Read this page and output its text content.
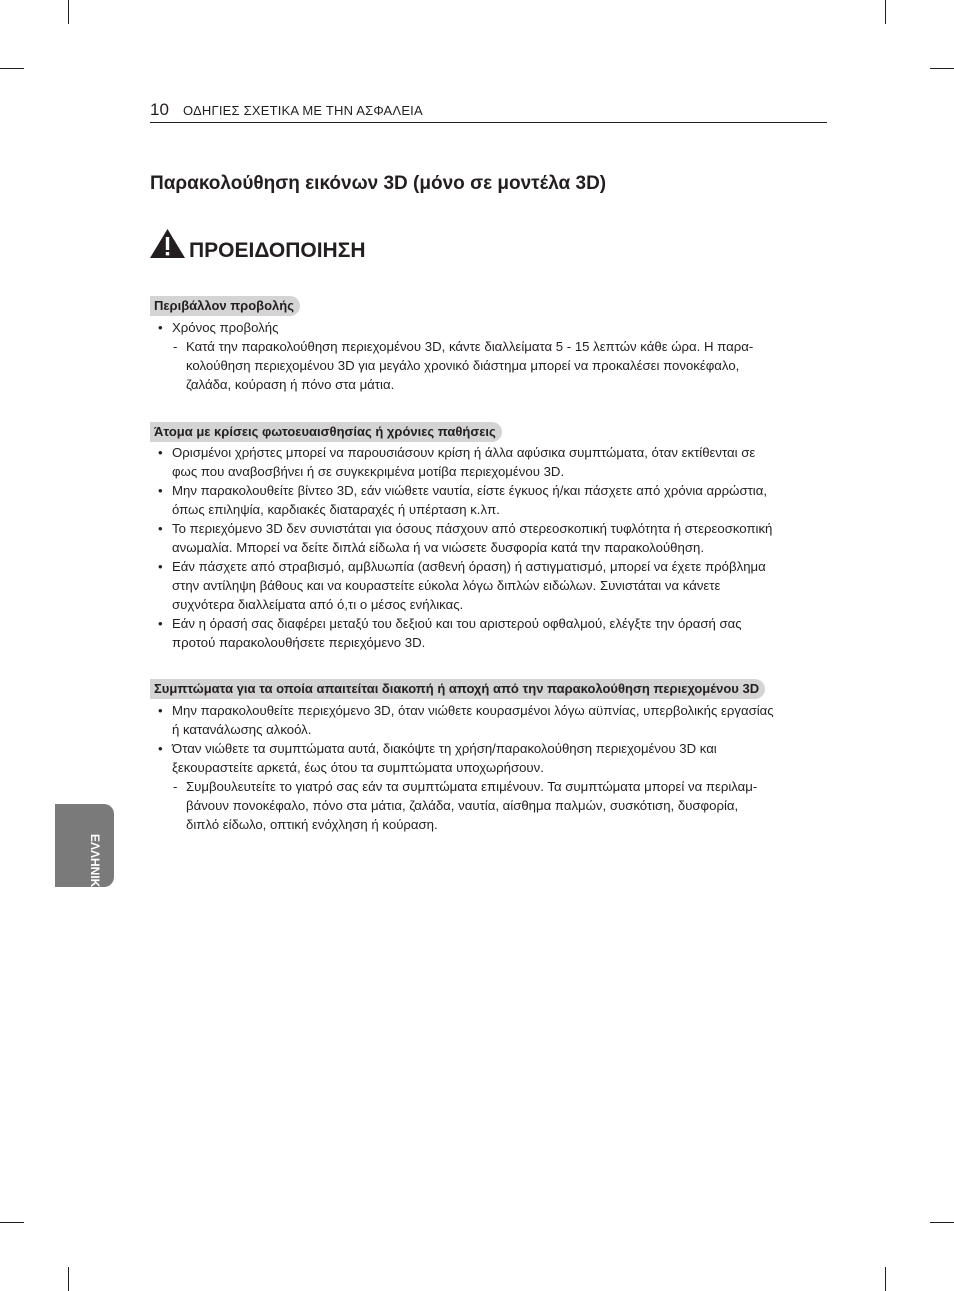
10 ΟΔΗΓΙΕΣ ΣΧΕΤΙΚΑ ΜΕ ΤΗΝ ΑΣΦΑΛΕΙΑ
Παρακολούθηση εικόνων 3D (μόνο σε μοντέλα 3D)
ΠΡΟΕΙΔΟΠΟΙΗΣΗ
Περιβάλλον προβολής
• Χρόνος προβολής
- Κατά την παρακολούθηση περιεχομένου 3D, κάντε διαλλείματα 5 - 15 λεπτών κάθε ώρα. Η παρα-
κολούθηση περιεχομένου 3D για μεγάλο χρονικό διάστημα μπορεί να προκαλέσει πονοκέφαλο,
ζαλάδα, κούραση ή πόνο στα μάτια.
Άτομα με κρίσεις φωτοευαισθησίας ή χρόνιες παθήσεις
• Ορισμένοι χρήστες μπορεί να παρουσιάσουν κρίση ή άλλα αφύσικα συμπτώματα, όταν εκτίθενται σε
φως που αναβοσβήνει ή σε συγκεκριμένα μοτίβα περιεχομένου 3D.
• Μην παρακολουθείτε βίντεο 3D, εάν νιώθετε ναυτία, είστε έγκυος ή/και πάσχετε από χρόνια αρρώστια,
όπως επιληψία, καρδιακές διαταραχές ή υπέρταση κ.λπ.
• Το περιεχόμενο 3D δεν συνιστάται για όσους πάσχουν από στερεοσκοπική τυφλότητα ή στερεοσκοπική
ανωμαλία. Μπορεί να δείτε διπλά είδωλα ή να νιώσετε δυσφορία κατά την παρακολούθηση.
• Εάν πάσχετε από στραβισμό, αμβλυωπία (ασθενή όραση) ή αστιγματισμό, μπορεί να έχετε πρόβλημα
στην αντίληψη βάθους και να κουραστείτε εύκολα λόγω διπλών ειδώλων. Συνιστάται να κάνετε
συχνότερα διαλλείματα από ό,τι ο μέσος ενήλικας.
• Εάν η όρασή σας διαφέρει μεταξύ του δεξιού και του αριστερού οφθαλμού, ελέγξτε την όρασή σας
προτού παρακολουθήσετε περιεχόμενο 3D.
Συμπτώματα για τα οποία απαιτείται διακοπή ή αποχή από την παρακολούθηση περιεχομένου 3D
• Μην παρακολουθείτε περιεχόμενο 3D, όταν νιώθετε κουρασμένοι λόγω αϋπνίας, υπερβολικής εργασίας
ή κατανάλωσης αλκοόλ.
• Όταν νιώθετε τα συμπτώματα αυτά, διακόψτε τη χρήση/παρακολούθηση περιεχομένου 3D και
ξεκουραστείτε αρκετά, έως ότου τα συμπτώματα υποχωρήσουν.
- Συμβουλευτείτε το γιατρό σας εάν τα συμπτώματα επιμένουν. Τα συμπτώματα μπορεί να περιλαμ-
βάνουν πονοκέφαλο, πόνο στα μάτια, ζαλάδα, ναυτία, αίσθημα παλμών, συσκότιση, δυσφορία,
διπλό είδωλο, οπτική ενόχληση ή κούραση.
ΕΛΛΗΝΙΚΑ
